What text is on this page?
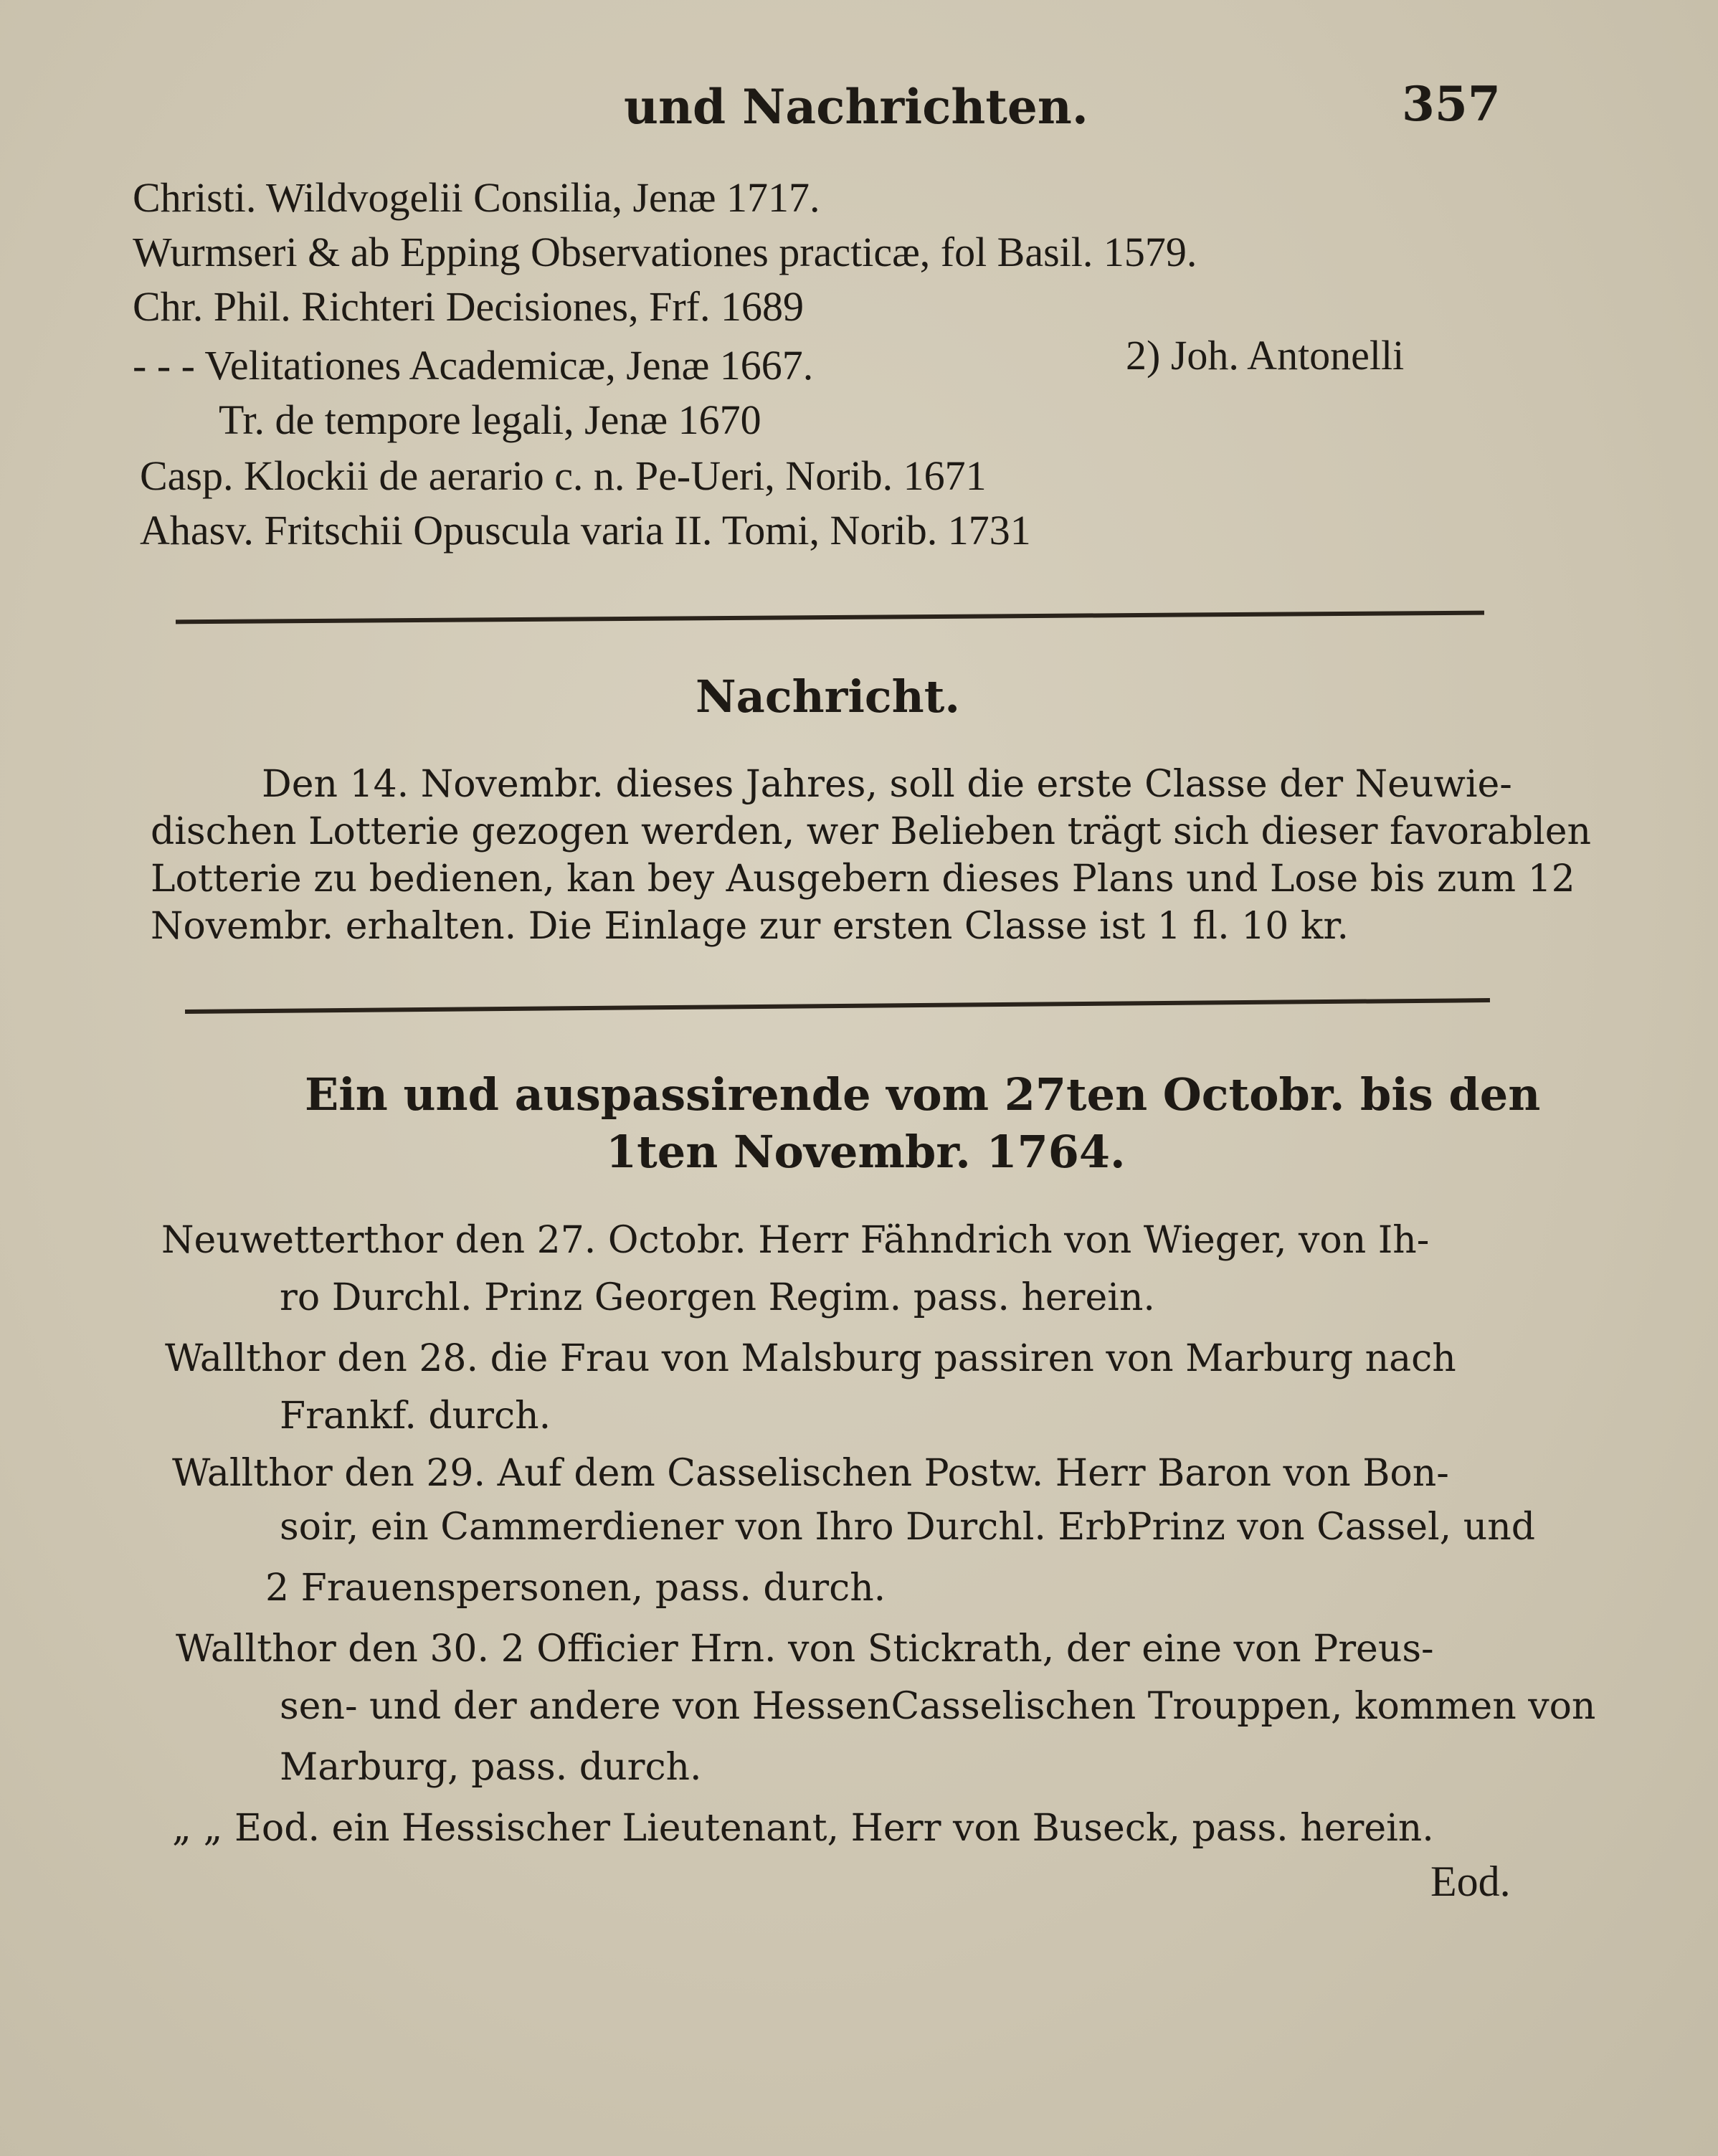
und Nachrichten.	357
Christi. Wildvogelii Consilia, Jenæ 1717.
Wurmseri & ab Epping Observationes practicæ, fol Basil. 1579.
Chr. Phil. Richteri Decisiones, Frf. 1689
- - - Velitationes Academicæ, Jenæ 1667.	2) Joh. Antonelli
Tr. de tempore legali, Jenæ 1670
Casp. Klockii de aerario c. n. Pe-Ueri, Norib. 1671
Ahasv. Fritschii Opuscula varia II. Tomi, Norib. 1731
Nachricht.
Den 14. Novembr. dieses Jahres, soll die erste Classe der Neuwie-
dischen Lotterie gezogen werden, wer Belieben trägt sich dieser favorablen
Lotterie zu bedienen, kan bey Ausgebern dieses Plans und Lose bis zum 12
Novembr. erhalten. Die Einlage zur ersten Classe ist 1 fl. 10 kr.
Ein und auspassirende vom 27ten Octobr. bis den
1ten Novembr. 1764.
Neuwetterthor den 27. Octobr. Herr Fähndrich von Wieger, von Ih-
ro Durchl. Prinz Georgen Regim. pass. herein.
Wallthor den 28. die Frau von Malsburg passiren von Marburg nach
Frankf. durch.
Wallthor den 29. Auf dem Casselischen Postw. Herr Baron von Bon-
soir, ein Cammerdiener von Ihro Durchl. ErbPrinz von Cassel, und
2 Frauenspersonen, pass. durch.
Wallthor den 30. 2 Officier Hrn. von Stickrath, der eine von Preus-
sen- und der andere von HessenCasselischen Trouppen, kommen von
Marburg, pass. durch.
„ „ Eod. ein Hessischer Lieutenant, Herr von Buseck, pass. herein.
Eod.
